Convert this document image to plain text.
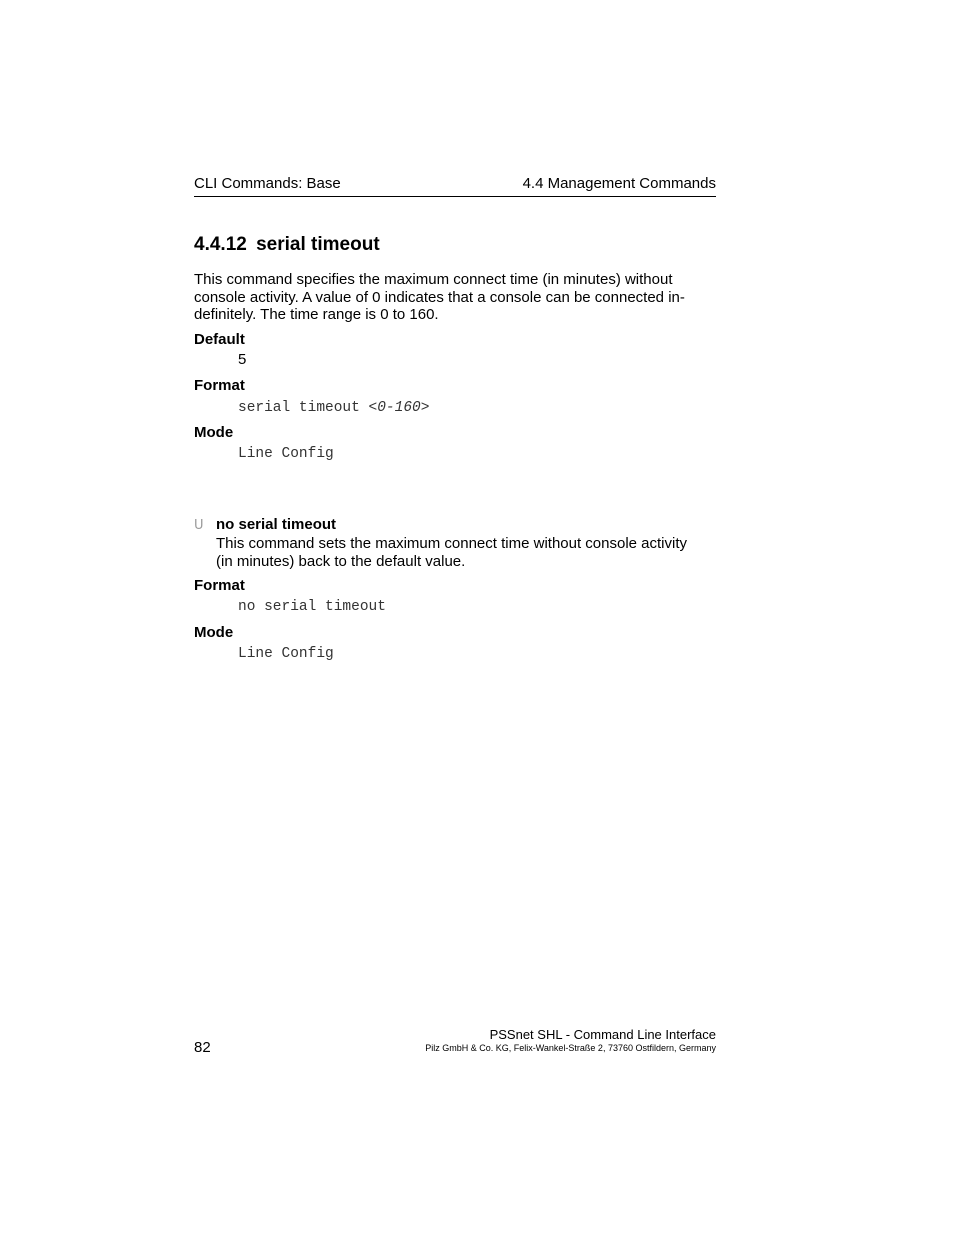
CLI Commands: Base	4.4 Management Commands
4.4.12 serial timeout
This command specifies the maximum connect time (in minutes) without
console activity. A value of 0 indicates that a console can be connected in-
definitely. The time range is 0 to 160.
Default
5
Format
serial timeout <0-160>
Mode
Line Config
U no serial timeout
This command sets the maximum connect time without console activity
(in minutes) back to the default value.
Format
no serial timeout
Mode
Line Config
82
PSSnet SHL - Command Line Interface
Pilz GmbH & Co. KG, Felix-Wankel-Straße 2, 73760 Ostfildern, Germany
